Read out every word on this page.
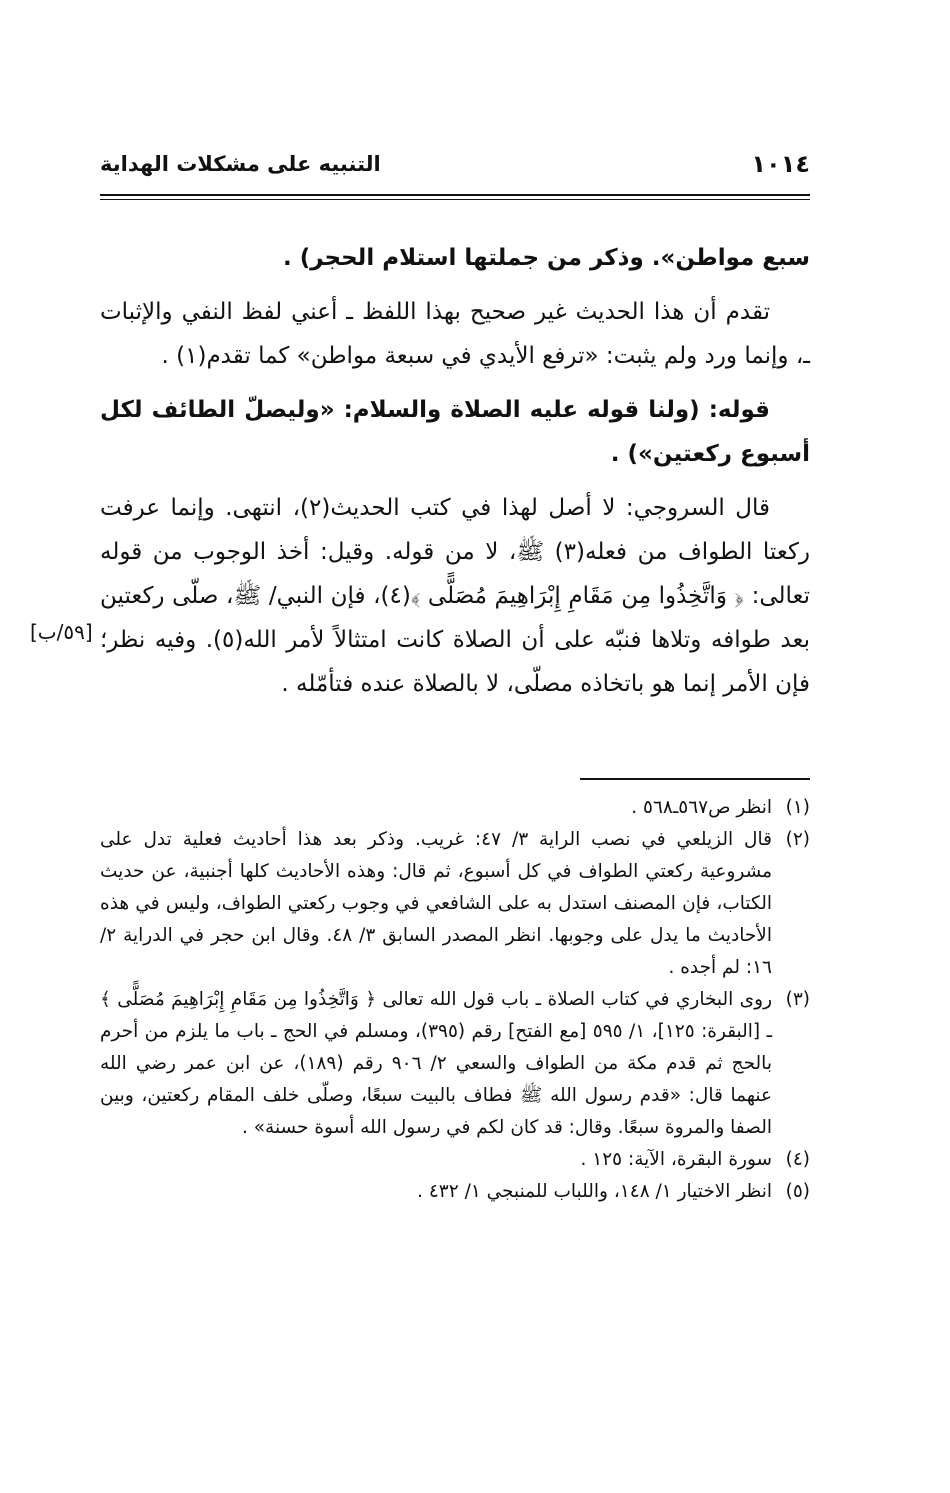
١٠١٤
التنبيه على مشكلات الهداية
[٥٩/ب]

سبع مواطن». وذكر من جملتها استلام الحجر) .

تقدم أن هذا الحديث غير صحيح بهذا اللفظ ـ أعني لفظ النفي والإثبات ـ، وإنما ورد ولم يثبت: «ترفع الأيدي في سبعة مواطن» كما تقدم(١) .

قوله: (ولنا قوله عليه الصلاة والسلام: «وليصلّ الطائف لكل أسبوع ركعتين») .

قال السروجي: لا أصل لهذا في كتب الحديث(٢)، انتهى. وإنما عرفت ركعتا الطواف من فعله(٣) ﷺ، لا من قوله. وقيل: أخذ الوجوب من قوله تعالى: ﴿ وَاتَّخِذُوا مِن مَقَامِ إِبْرَاهِيمَ مُصَلًّى ﴾(٤)، فإن النبي/ ﷺ، صلّى ركعتين بعد طوافه وتلاها فنبّه على أن الصلاة كانت امتثالاً لأمر الله(٥). وفيه نظر؛ فإن الأمر إنما هو باتخاذه مصلّى، لا بالصلاة عنده فتأمّله .

(١)
انظر ص٥٦٧ـ٥٦٨ .
(٢)
قال الزيلعي في نصب الراية ٣/ ٤٧: غريب. وذكر بعد هذا أحاديث فعلية تدل على مشروعية ركعتي الطواف في كل أسبوع، ثم قال: وهذه الأحاديث كلها أجنبية، عن حديث الكتاب، فإن المصنف استدل به على الشافعي في وجوب ركعتي الطواف، وليس في هذه الأحاديث ما يدل على وجوبها. انظر المصدر السابق ٣/ ٤٨. وقال ابن حجر في الدراية ٢/ ١٦: لم أجده .
(٣)
روى البخاري في كتاب الصلاة ـ باب قول الله تعالى ﴿ وَاتَّخِذُوا مِن مَقَامِ إِبْرَاهِيمَ مُصَلًّى ﴾ ـ [البقرة: ١٢٥]، ١/ ٥٩٥ [مع الفتح] رقم (٣٩٥)، ومسلم في الحج ـ باب ما يلزم من أحرم بالحج ثم قدم مكة من الطواف والسعي ٢/ ٩٠٦ رقم (١٨٩)، عن ابن عمر رضي الله عنهما قال: «قدم رسول الله ﷺ فطاف بالبيت سبعًا، وصلّى خلف المقام ركعتين، وبين الصفا والمروة سبعًا. وقال: قد كان لكم في رسول الله أسوة حسنة» .
(٤)
سورة البقرة، الآية: ١٢٥ .
(٥)
انظر الاختيار ١/ ١٤٨، واللباب للمنبجي ١/ ٤٣٢ .
